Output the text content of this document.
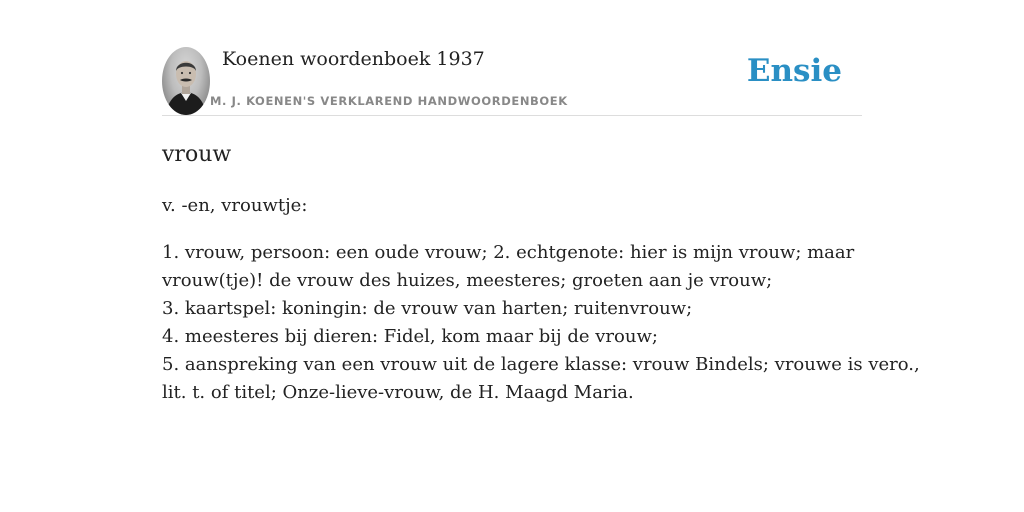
Koenen woordenboek 1937
M. J. KOENEN'S VERKLAREND HANDWOORDENBOEK
Ensie
vrouw
v. -en, vrouwtje:
1. vrouw, persoon: een oude vrouw; 2. echtgenote: hier is mijn vrouw; maar
vrouw(tje)! de vrouw des huizes, meesteres; groeten aan je vrouw;
3. kaartspel: koningin: de vrouw van harten; ruitenvrouw;
4. meesteres bij dieren: Fidel, kom maar bij de vrouw;
5. aanspreking van een vrouw uit de lagere klasse: vrouw Bindels; vrouwe is vero.,
lit. t. of titel; Onze-lieve-vrouw, de H. Maagd Maria.
